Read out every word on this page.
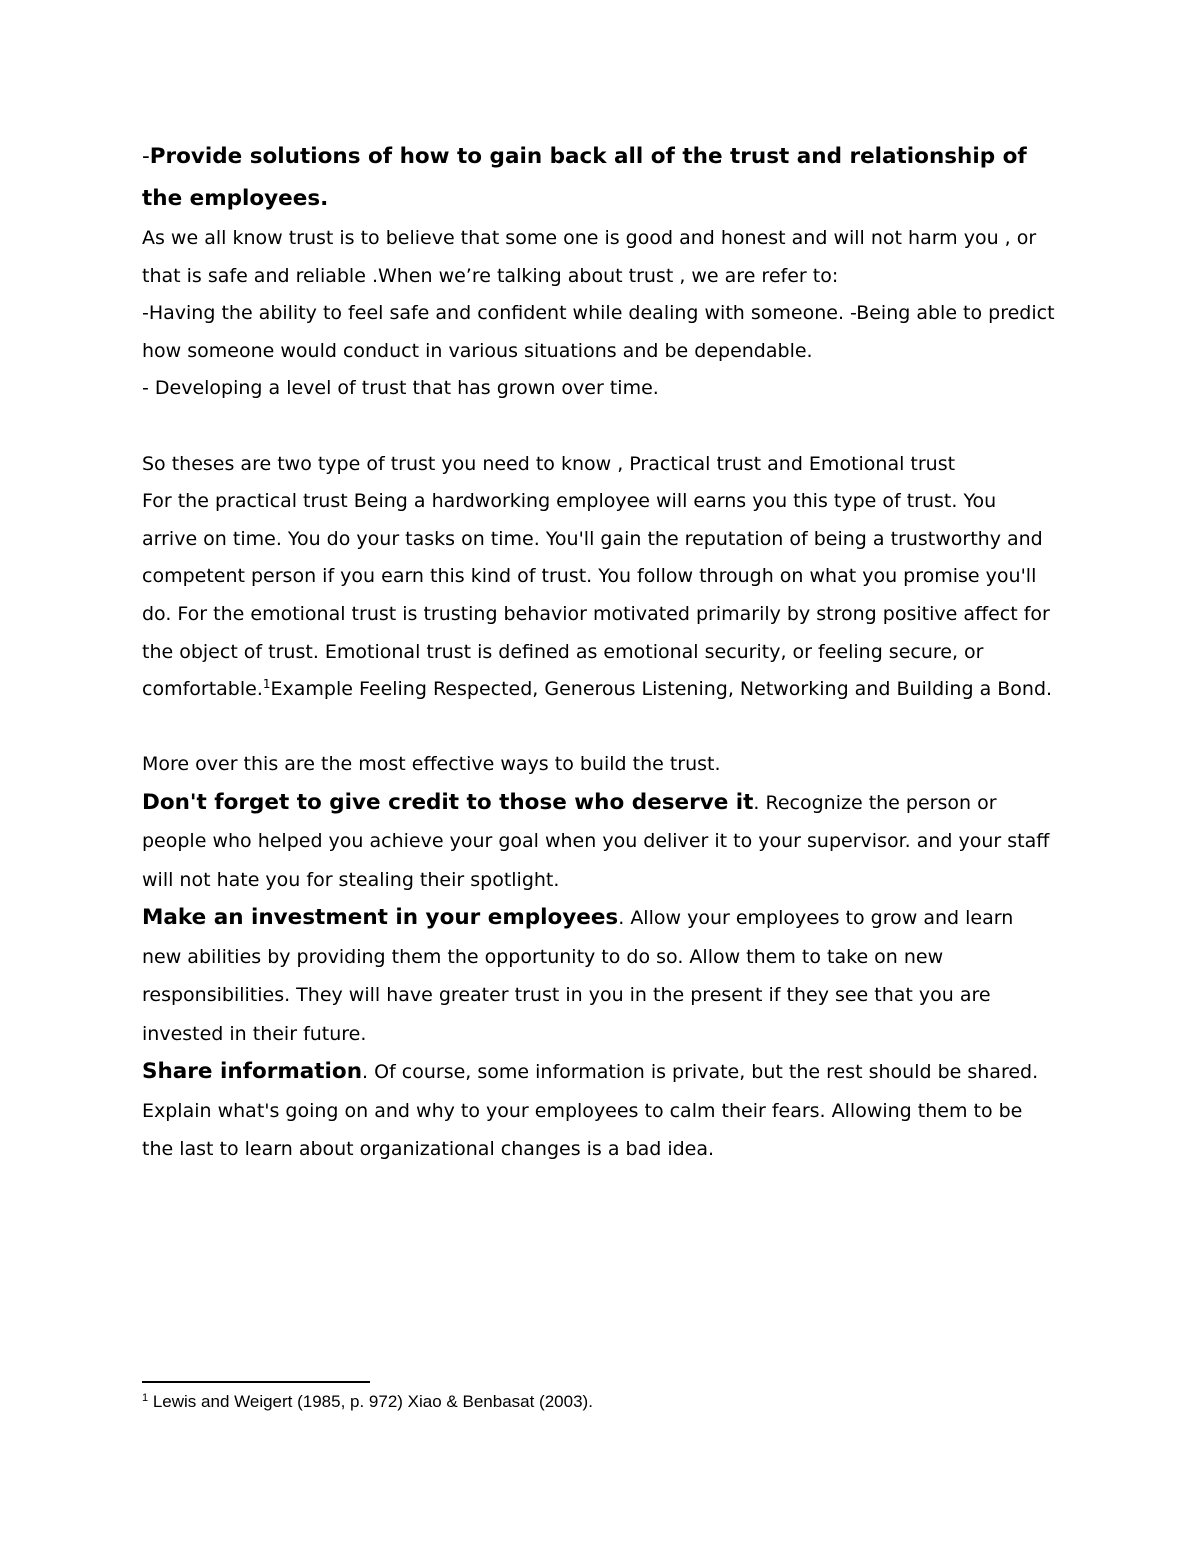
-Provide solutions of how to gain back all of the trust and relationship of the employees.

As we all know trust is to believe that some one is good and honest and will not harm you , or that is safe and reliable .When we’re talking about trust , we are refer to:

-Having the ability to feel safe and confident while dealing with someone. -Being able to predict how someone would conduct in various situations and be dependable.

- Developing a level of trust that has grown over time.

So theses are two type of trust you need to know , Practical trust and Emotional trust

For the practical trust Being a hardworking employee will earns you this type of trust. You arrive on time. You do your tasks on time. You'll gain the reputation of being a trustworthy and competent person if you earn this kind of trust. You follow through on what you promise you'll do. For the emotional trust is trusting behavior motivated primarily by strong positive affect for the object of trust. Emotional trust is defined as emotional security, or feeling secure, or comfortable.$^1$Example Feeling Respected, Generous Listening, Networking and Building a Bond.

More over this are the most effective ways to build the trust.

Don't forget to give credit to those who deserve it. Recognize the person or people who helped you achieve your goal when you deliver it to your supervisor. and your staff will not hate you for stealing their spotlight.

Make an investment in your employees. Allow your employees to grow and learn new abilities by providing them the opportunity to do so. Allow them to take on new responsibilities. They will have greater trust in you in the present if they see that you are invested in their future.

Share information. Of course, some information is private, but the rest should be shared. Explain what's going on and why to your employees to calm their fears. Allowing them to be the last to learn about organizational changes is a bad idea.

$^1$ Lewis and Weigert (1985, p. 972) Xiao & Benbasat (2003).
